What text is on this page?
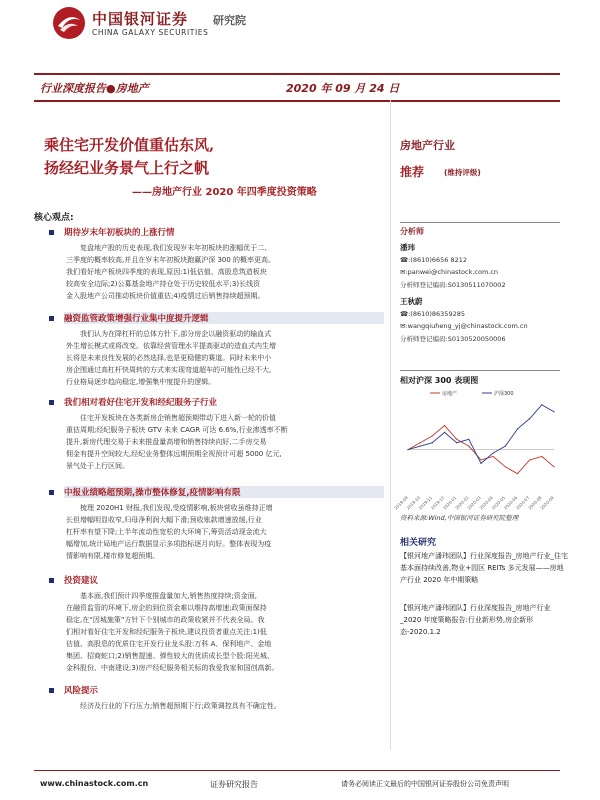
中国银河证券 研究院
CHINA GALAXY SECURITIES
行业深度报告●房地产	2020 年 09 月 24 日
乘住宅开发价值重估东风,
扬经纪业务景气上行之帆
——房地产行业 2020 年四季度投资策略
核心观点:
期待岁末年初板块的上涨行情
复盘地产股的历史表现,我们发现岁末年初板块的涨幅优于二、
三季度的概率较高,并且在岁末年初板块跑赢沪深 300 的概率更高。
我们看好地产板块四季度的表现,原因:1)低估值、高股息筑造板块
较高安全边际;2)公募基金地产持仓处于历史较低水平;3)长线资
金入股地产公司推动板块价值重估;4)疫情过后销售持续超预期。
融资监管政策增强行业集中度提升逻辑
我们认为在降杠杆的总体方针下,部分房企以融资驱动的输血式
外生增长模式或将改变。依靠经营管理水平提高驱动的造血式内生增
长将是未来良性发展的必然选择,也是更稳健的赛道。同时未来中小
房企围通过高杠杆快周转的方式来实现弯道超车的可能性已经不大,
行业格局逐步趋向稳定,增强集中度提升的逻辑。
我们相对看好住宅开发和经纪服务子行业
住宅开发板块在各类新房企销售超预期带动下进入新一轮的价值
重估周期;经纪服务子板块 GTV 未来 CAGR 可达 6.6%,行业渗透率不断
提升,新房代理交易于未来推盘量高增和销售持续向好,二手房交易
佣金有提升空间较大,经纪业务整体远期预期全视预计可超 5000 亿元,
景气处于上行区间。
中报业绩略超预期,操市整体修复,疫情影响有限
梳理 2020H1 财报,我们发现,受疫情影响,板块营收虽维持正增
长但增幅明显收窄,归母净利润大幅下滑;预收账款增速放缓,行业
杠杆率有望下降;上半年流动性宽松的大环境下,筹资活动现金流大
幅增加,统计局地产运行数据显示多项指标逐月向好。整体表现为疫
情影响有限,楼市修复超预期。
投资建议
基本面,我们预计四季度推盘量加大,销售热度持续;资金面,
在融资监管的环境下,房企的到位资金难以维持高增速;政策面保持
稳定,在“因城施策”方针下个别城市的政策收紧并不代表全局。我
们相对看好住宅开发和经纪服务子板块,建议投资者重点关注:1)低
估值、高股息的优质住宅开发行业龙头股:万科 A、保利地产、金地
集团、招商蛇口;2)销售提速、弹性较大的优质成长型个股:阳光城、
金科股份、中南建设;3)房产经纪服务相关标的我爱我家和国创高新。
风险提示
经济及行业的下行压力;销售超预期下行;政策调控具有不确定性。
房地产行业
推荐	(维持评级)
分析师
潘玮
☎:(8610)6656 8212
✉:panwei@chinastock.com.cn
分析师登记编码:S0130511070002
王秋蔚
☎:(8610)86359285
✉:wangqiuheng_yj@chinastock.com.cn
分析师登记编码:S0130520050006
相对沪深 300 表现图
2019-09
2019-10
2019-11
2019-12
2020-01
2020-02
2020-03
2020-04
2020-05
2020-06
2020-07
2020-08
2020-09
房地产	沪深300
资料来源:Wind,中国银河证券研究院整理
相关研究
【银河地产潘玮团队】行业深度报告_房地产行业_住宅基本面持续改善,物业+园区 REITs 多元发展——房地产行业 2020 年中期策略
【银河地产潘玮团队】行业深度报告_房地产行业_2020 年度策略报告:行业新形势,房企新形态-2020.1.2
www.chinastock.com.cn	证券研究报告	请务必阅读正文最后的中国银河证券股份公司免责声明
